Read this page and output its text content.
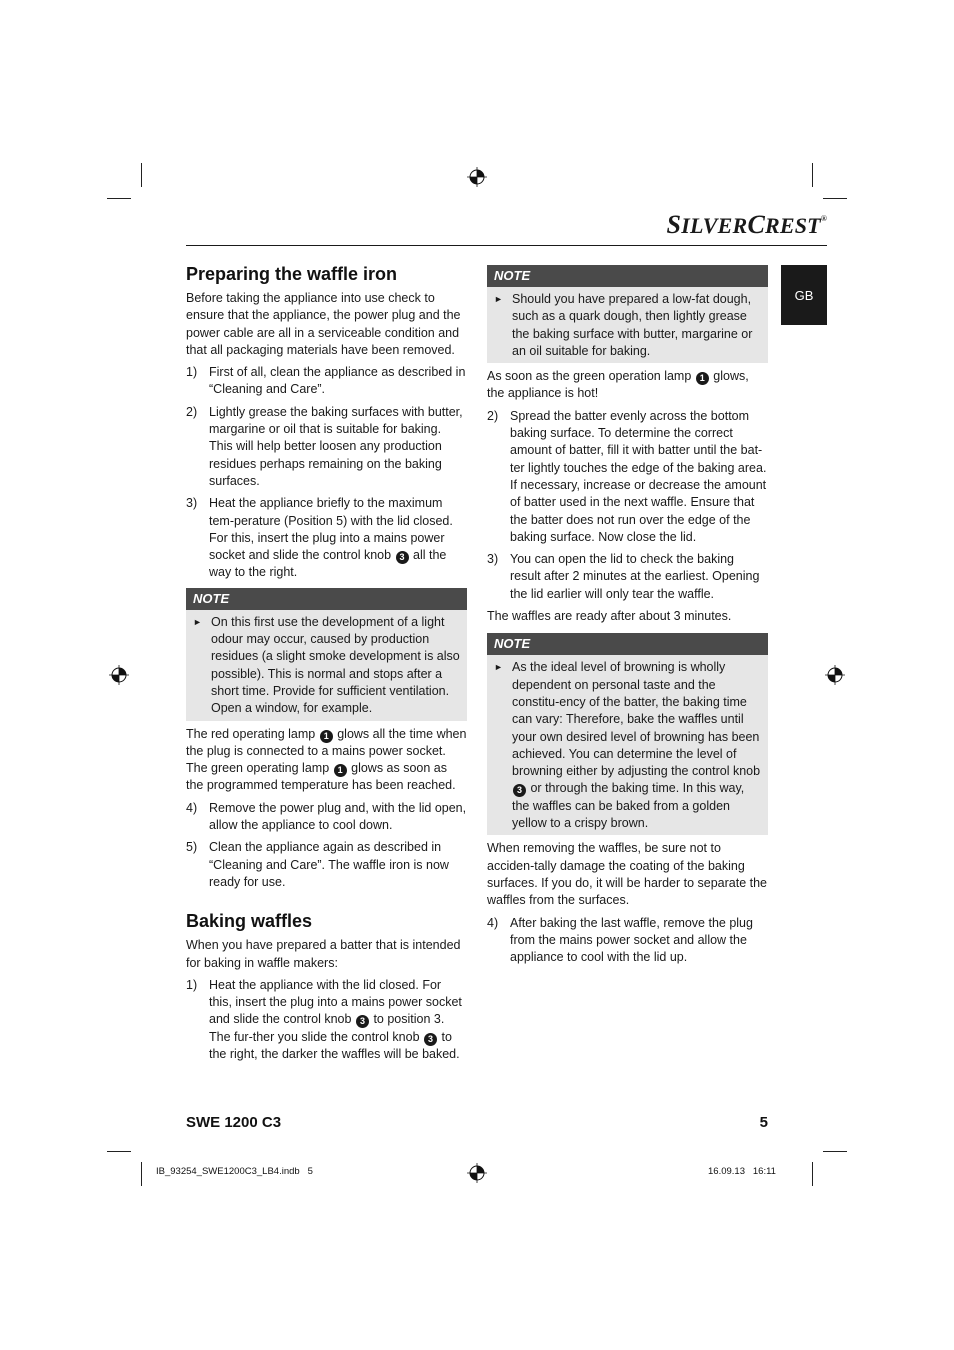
SILVERCREST®
GB
Preparing the waffle iron

Before taking the appliance into use check to ensure that the appliance, the power plug and the power cable are all in a serviceable condition and that all packaging materials have been removed.

1) First of all, clean the appliance as described in “Cleaning and Care”.
2) Lightly grease the baking surfaces with butter, margarine or oil that is suitable for baking. This will help better loosen any production residues perhaps remaining on the baking surfaces.
3) Heat the appliance briefly to the maximum tem-perature (Position 5) with the lid closed. For this, insert the plug into a mains power socket and slide the control knob 3 all the way to the right.
NOTE
► On this first use the development of a light odour may occur, caused by production residues (a slight smoke development is also possible). This is normal and stops after a short time. Provide for sufficient ventilation. Open a window, for example.

The red operating lamp 1 glows all the time when the plug is connected to a mains power socket.

The green operating lamp 1 glows as soon as the programmed temperature has been reached.

4) Remove the power plug and, with the lid open, allow the appliance to cool down.
5) Clean the appliance again as described in “Cleaning and Care”. The waffle iron is now ready for use.
Baking waffles

When you have prepared a batter that is intended for baking in waffle makers:

1) Heat the appliance with the lid closed. For this, insert the plug into a mains power socket and slide the control knob 3 to position 3. The fur-ther you slide the control knob 3 to the right, the darker the waffles will be baked.
NOTE
► Should you have prepared a low-fat dough, such as a quark dough, then lightly grease the baking surface with butter, margarine or an oil suitable for baking.

As soon as the green operation lamp 1 glows, the appliance is hot!

2) Spread the batter evenly across the bottom baking surface. To determine the correct amount of batter, fill it with batter until the bat-ter lightly touches the edge of the baking area. If necessary, increase or decrease the amount of batter used in the next waffle. Ensure that the batter does not run over the edge of the baking surface. Now close the lid.
3) You can open the lid to check the baking result after 2 minutes at the earliest. Opening the lid earlier will only tear the waffle.

The waffles are ready after about 3 minutes.

NOTE
► As the ideal level of browning is wholly dependent on personal taste and the constitu-ency of the batter, the baking time can vary: Therefore, bake the waffles until your own desired level of browning has been achieved. You can determine the level of browning either by adjusting the control knob 3 or through the baking time. In this way, the waffles can be baked from a golden yellow to a crispy brown.

When removing the waffles, be sure not to acciden-tally damage the coating of the baking surfaces. If you do, it will be harder to separate the waffles from the surfaces.

4) After baking the last waffle, remove the plug from the mains power socket and allow the appliance to cool with the lid up.
SWE 1200 C3	5
IB_93254_SWE1200C3_LB4.indb   5	16.09.13   16:11
